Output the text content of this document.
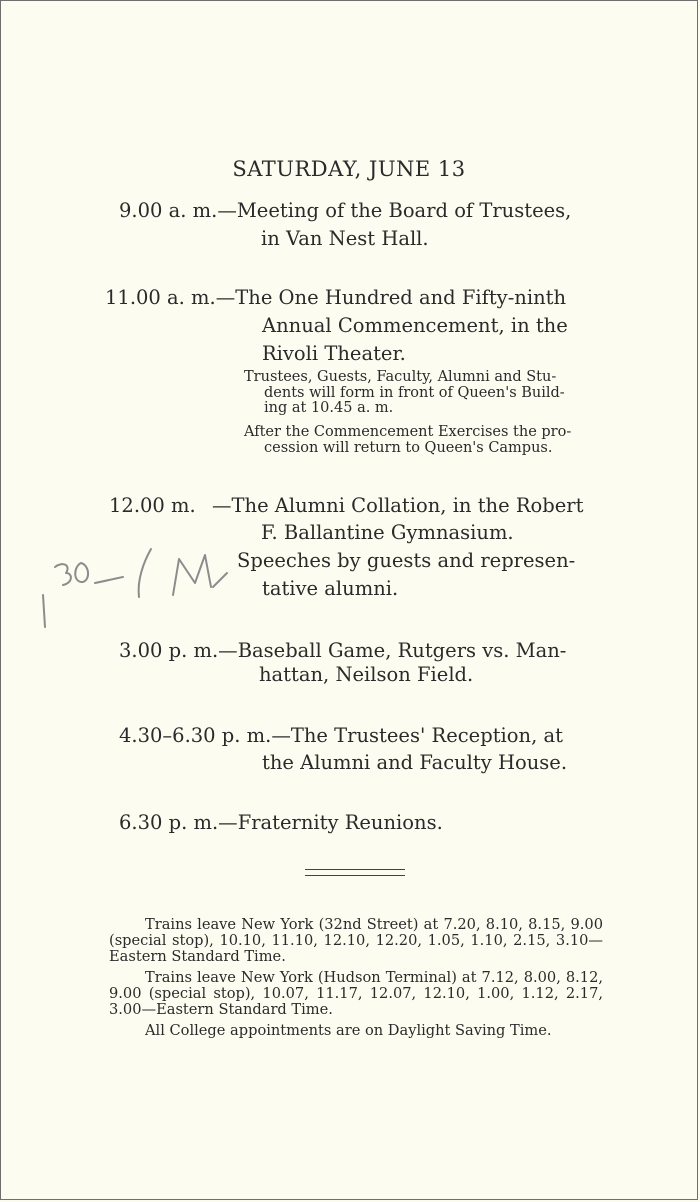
SATURDAY, JUNE 13
9.00 a. m.—Meeting of the Board of Trustees,
in Van Nest Hall.
11.00 a. m.—The One Hundred and Fifty-ninth
Annual Commencement, in the
Rivoli Theater.
Trustees, Guests, Faculty, Alumni and Stu-
dents will form in front of Queen's Build-
ing at 10.45 a. m.
After the Commencement Exercises the pro-
cession will return to Queen's Campus.
12.00 m. —The Alumni Collation, in the Robert
F. Ballantine Gymnasium.
Speeches by guests and represen-
tative alumni.
3.00 p. m.—Baseball Game, Rutgers vs. Man-
hattan, Neilson Field.
4.30–6.30 p. m.—The Trustees' Reception, at
the Alumni and Faculty House.
6.30 p. m.—Fraternity Reunions.

Trains leave New York (32nd Street) at 7.20, 8.10, 8.15, 9.00 (special stop), 10.10, 11.10, 12.10, 12.20, 1.05, 1.10, 2.15, 3.10—Eastern Standard Time.

Trains leave New York (Hudson Terminal) at 7.12, 8.00, 8.12, 9.00 (special stop), 10.07, 11.17, 12.07, 12.10, 1.00, 1.12, 2.17, 3.00—Eastern Standard Time.

All College appointments are on Daylight Saving Time.
